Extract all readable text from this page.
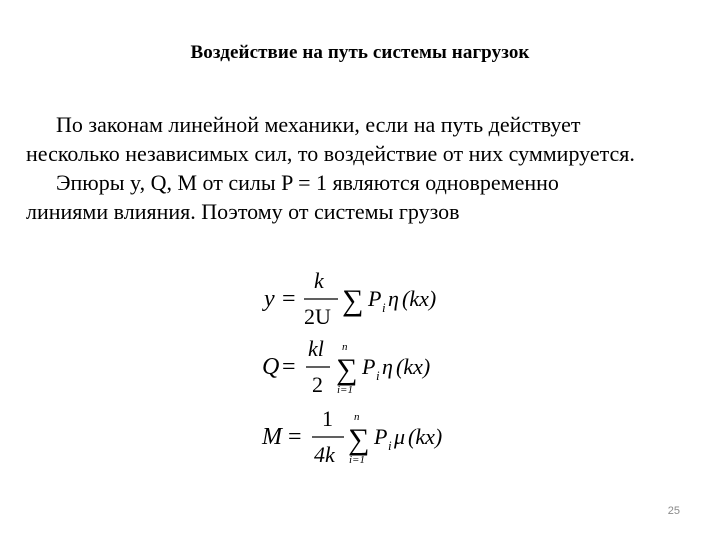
Воздействие на путь системы нагрузок

По законам линейной механики, если на путь действует

несколько независимых сил, то воздействие от них суммируется.

Эпюры y, Q, M от силы P = 1 являются одновременно

линиями влияния. Поэтому от системы грузов

y =
k
2U ∑ P i η (kx)
Q =
kl
2
n
∑
i=1
P i η (kx)
M =
1
4k
n
∑
i=1
P i μ (kx)
25
